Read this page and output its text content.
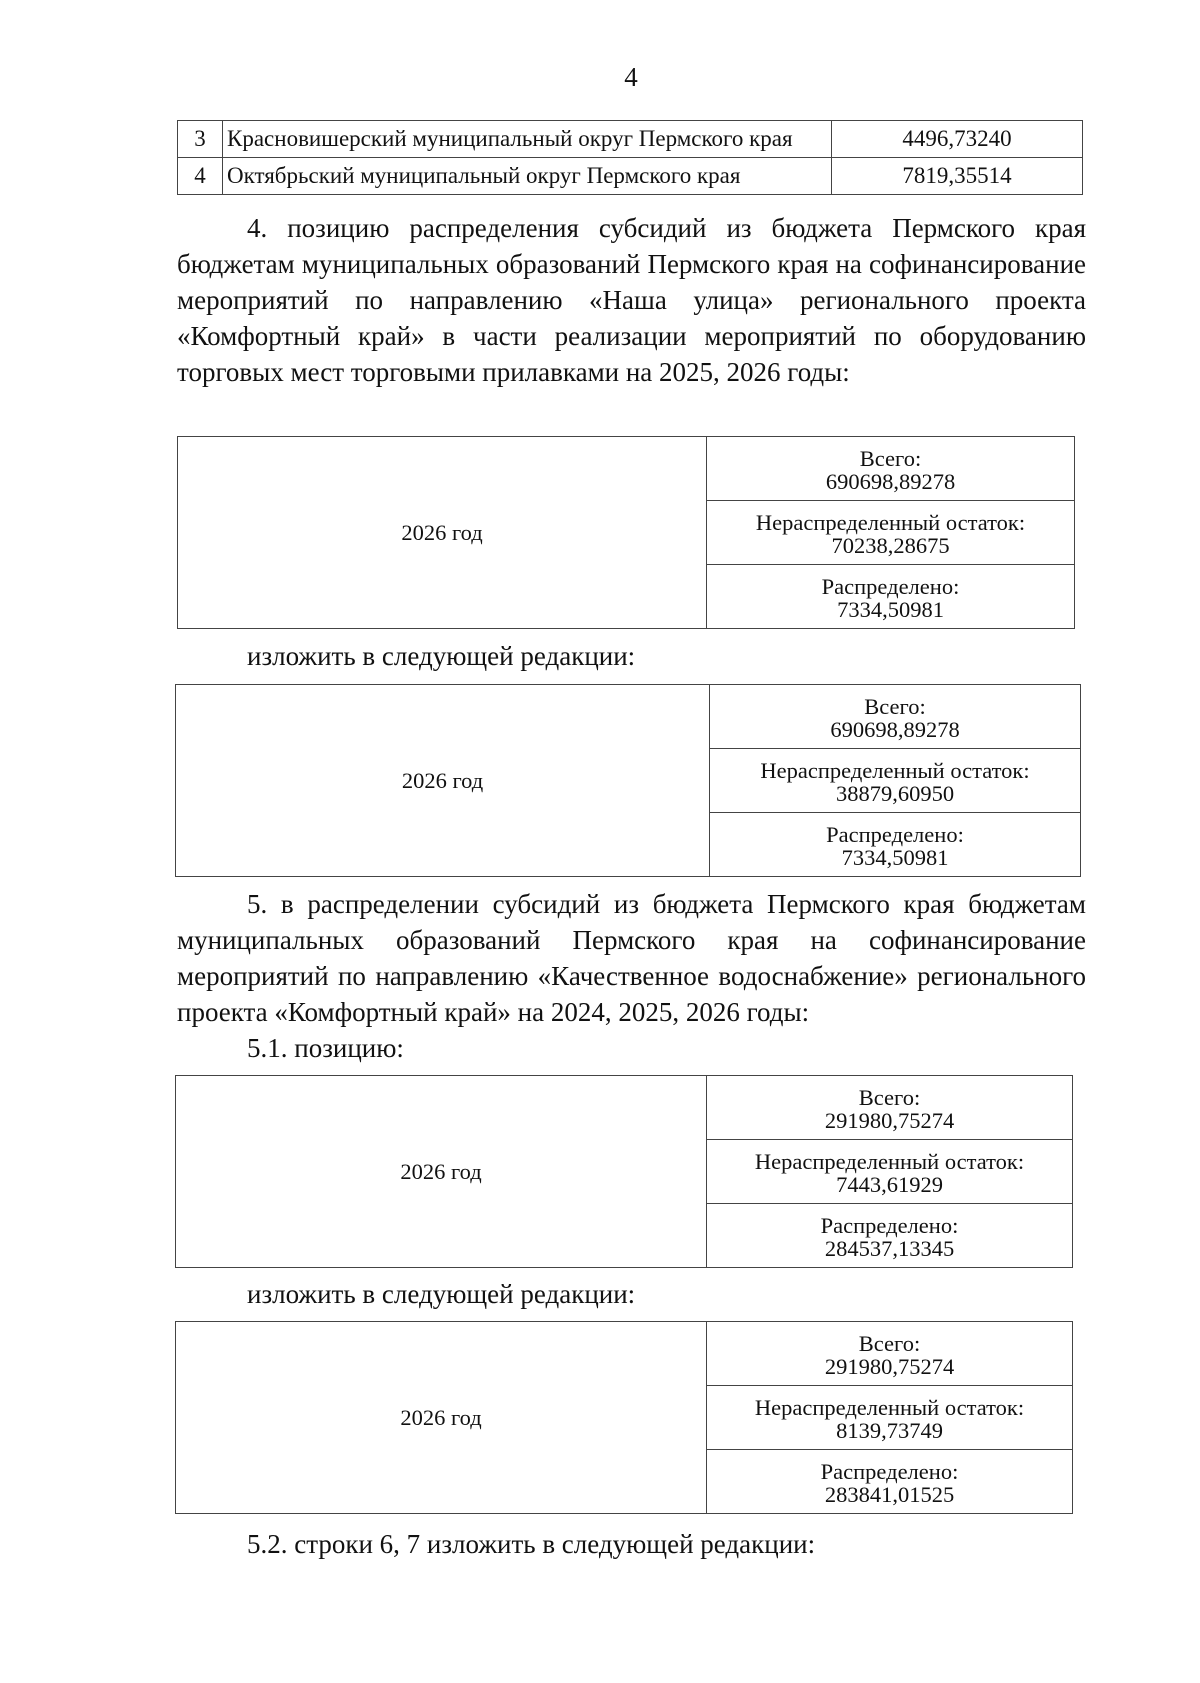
4
3	Красновишерский муниципальный округ Пермского края	4496,73240
4	Октябрьский муниципальный округ Пермского края	7819,35514

4. позицию распределения субсидий из бюджета Пермского края бюджетам муниципальных образований Пермского края на софинансирование мероприятий по направлению «Наша улица» регионального проекта «Комфортный край» в части реализации мероприятий по оборудованию торговых мест торговыми прилавками на 2025, 2026 годы:

2026 год	
Всего:
690698,89278

Нераспределенный остаток:
70238,28675

Распределено:
7334,50981

изложить в следующей редакции:

2026 год	
Всего:
690698,89278

Нераспределенный остаток:
38879,60950

Распределено:
7334,50981

5. в распределении субсидий из бюджета Пермского края бюджетам муниципальных образований Пермского края на софинансирование мероприятий по направлению «Качественное водоснабжение» регионального проекта «Комфортный край» на 2024, 2025, 2026 годы:

5.1. позицию:

2026 год	
Всего:
291980,75274

Нераспределенный остаток:
7443,61929

Распределено:
284537,13345

изложить в следующей редакции:

2026 год	
Всего:
291980,75274

Нераспределенный остаток:
8139,73749

Распределено:
283841,01525

5.2. строки 6, 7 изложить в следующей редакции:
